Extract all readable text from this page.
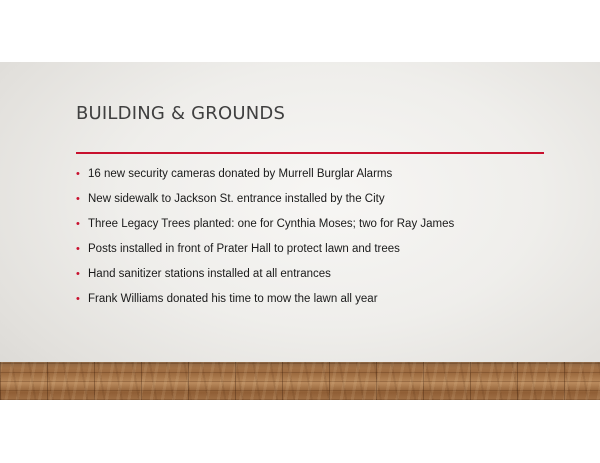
BUILDING & GROUNDS
• 16 new security cameras donated by Murrell Burglar Alarms
• New sidewalk to Jackson St. entrance installed by the City
• Three Legacy Trees planted: one for Cynthia Moses; two for Ray James
• Posts installed in front of Prater Hall to protect lawn and trees
• Hand sanitizer stations installed at all entrances
• Frank Williams donated his time to mow the lawn all year
